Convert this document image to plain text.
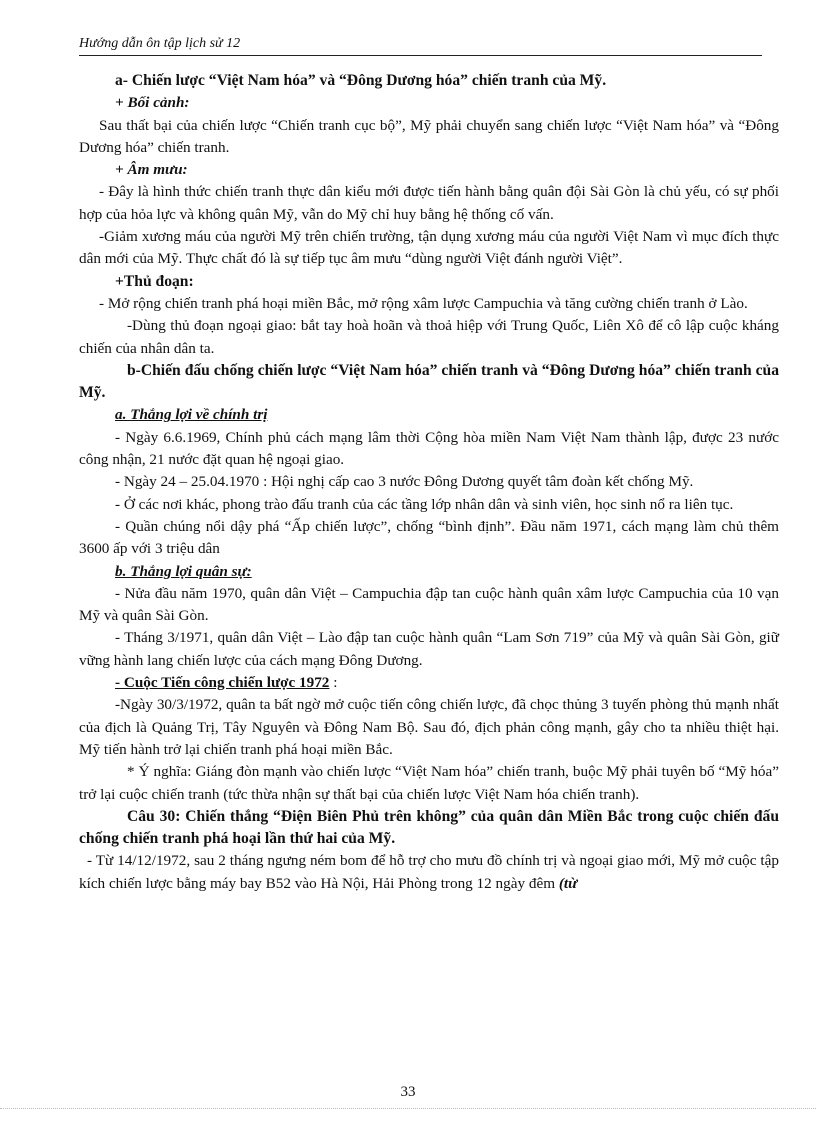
Hướng dẫn ôn tập lịch sử 12

a- Chiến lược “Việt Nam hóa” và “Đông Dương hóa” chiến tranh của Mỹ.

+ Bối cảnh:

Sau thất bại của chiến lược “Chiến tranh cục bộ”, Mỹ phải chuyển sang chiến lược “Việt Nam hóa” và “Đông Dương hóa” chiến tranh.

+ Âm mưu:

- Đây là hình thức chiến tranh thực dân kiểu mới được tiến hành bằng quân đội Sài Gòn là chủ yếu, có sự phối hợp của hỏa lực và không quân Mỹ, vẫn do Mỹ chỉ huy bằng hệ thống cố vấn.

-Giảm xương máu của người Mỹ trên chiến trường, tận dụng xương máu của người Việt Nam vì mục đích thực dân mới của Mỹ. Thực chất đó là sự tiếp tục âm mưu “dùng người Việt đánh người Việt”.

+Thủ đoạn:

- Mở rộng chiến tranh phá hoại miền Bắc, mở rộng xâm lược Campuchia và tăng cường chiến tranh ở Lào.

-Dùng thủ đoạn ngoại giao: bắt tay hoà hoãn và thoả hiệp với Trung Quốc, Liên Xô để cô lập cuộc kháng chiến của nhân dân ta.

b-Chiến đấu chống chiến lược “Việt Nam hóa” chiến tranh và “Đông Dương hóa” chiến tranh của Mỹ.

a. Thắng lợi về chính trị

- Ngày 6.6.1969, Chính phủ cách mạng lâm thời Cộng hòa miền Nam Việt Nam thành lập, được 23 nước công nhận, 21 nước đặt quan hệ ngoại giao.

- Ngày 24 – 25.04.1970 : Hội nghị cấp cao 3 nước Đông Dương quyết tâm đoàn kết chống Mỹ.

- Ở các nơi khác, phong trào đấu tranh của các tầng lớp nhân dân và sinh viên, học sinh nổ ra liên tục.

- Quần chúng nổi dậy phá “Ấp chiến lược”, chống “bình định”. Đầu năm 1971, cách mạng làm chủ thêm 3600 ấp với 3 triệu dân

b. Thắng lợi quân sự:

- Nửa đầu năm 1970, quân dân Việt – Campuchia đập tan cuộc hành quân xâm lược Campuchia của 10 vạn Mỹ và quân Sài Gòn.

- Tháng 3/1971, quân dân Việt – Lào đập tan cuộc hành quân “Lam Sơn 719” của Mỹ và quân Sài Gòn, giữ vững hành lang chiến lược của cách mạng Đông Dương.

- Cuộc Tiến công chiến lược 1972 :

-Ngày 30/3/1972, quân ta bất ngờ mở cuộc tiến công chiến lược, đã chọc thủng 3 tuyến phòng thủ mạnh nhất của địch là Quảng Trị, Tây Nguyên và Đông Nam Bộ. Sau đó, địch phản công mạnh, gây cho ta nhiều thiệt hại. Mỹ tiến hành trở lại chiến tranh phá hoại miền Bắc.

* Ý nghĩa: Giáng đòn mạnh vào chiến lược “Việt Nam hóa” chiến tranh, buộc Mỹ phải tuyên bố “Mỹ hóa” trở lại cuộc chiến tranh (tức thừa nhận sự thất bại của chiến lược Việt Nam hóa chiến tranh).

Câu 30: Chiến thắng “Điện Biên Phủ trên không” của quân dân Miền Bắc trong cuộc chiến đấu chống chiến tranh phá hoại lần thứ hai của Mỹ.

- Từ 14/12/1972, sau 2 tháng ngưng ném bom để hỗ trợ cho mưu đồ chính trị và ngoại giao mới, Mỹ mở cuộc tập kích chiến lược bằng máy bay B52 vào Hà Nội, Hải Phòng trong 12 ngày đêm (từ

33
